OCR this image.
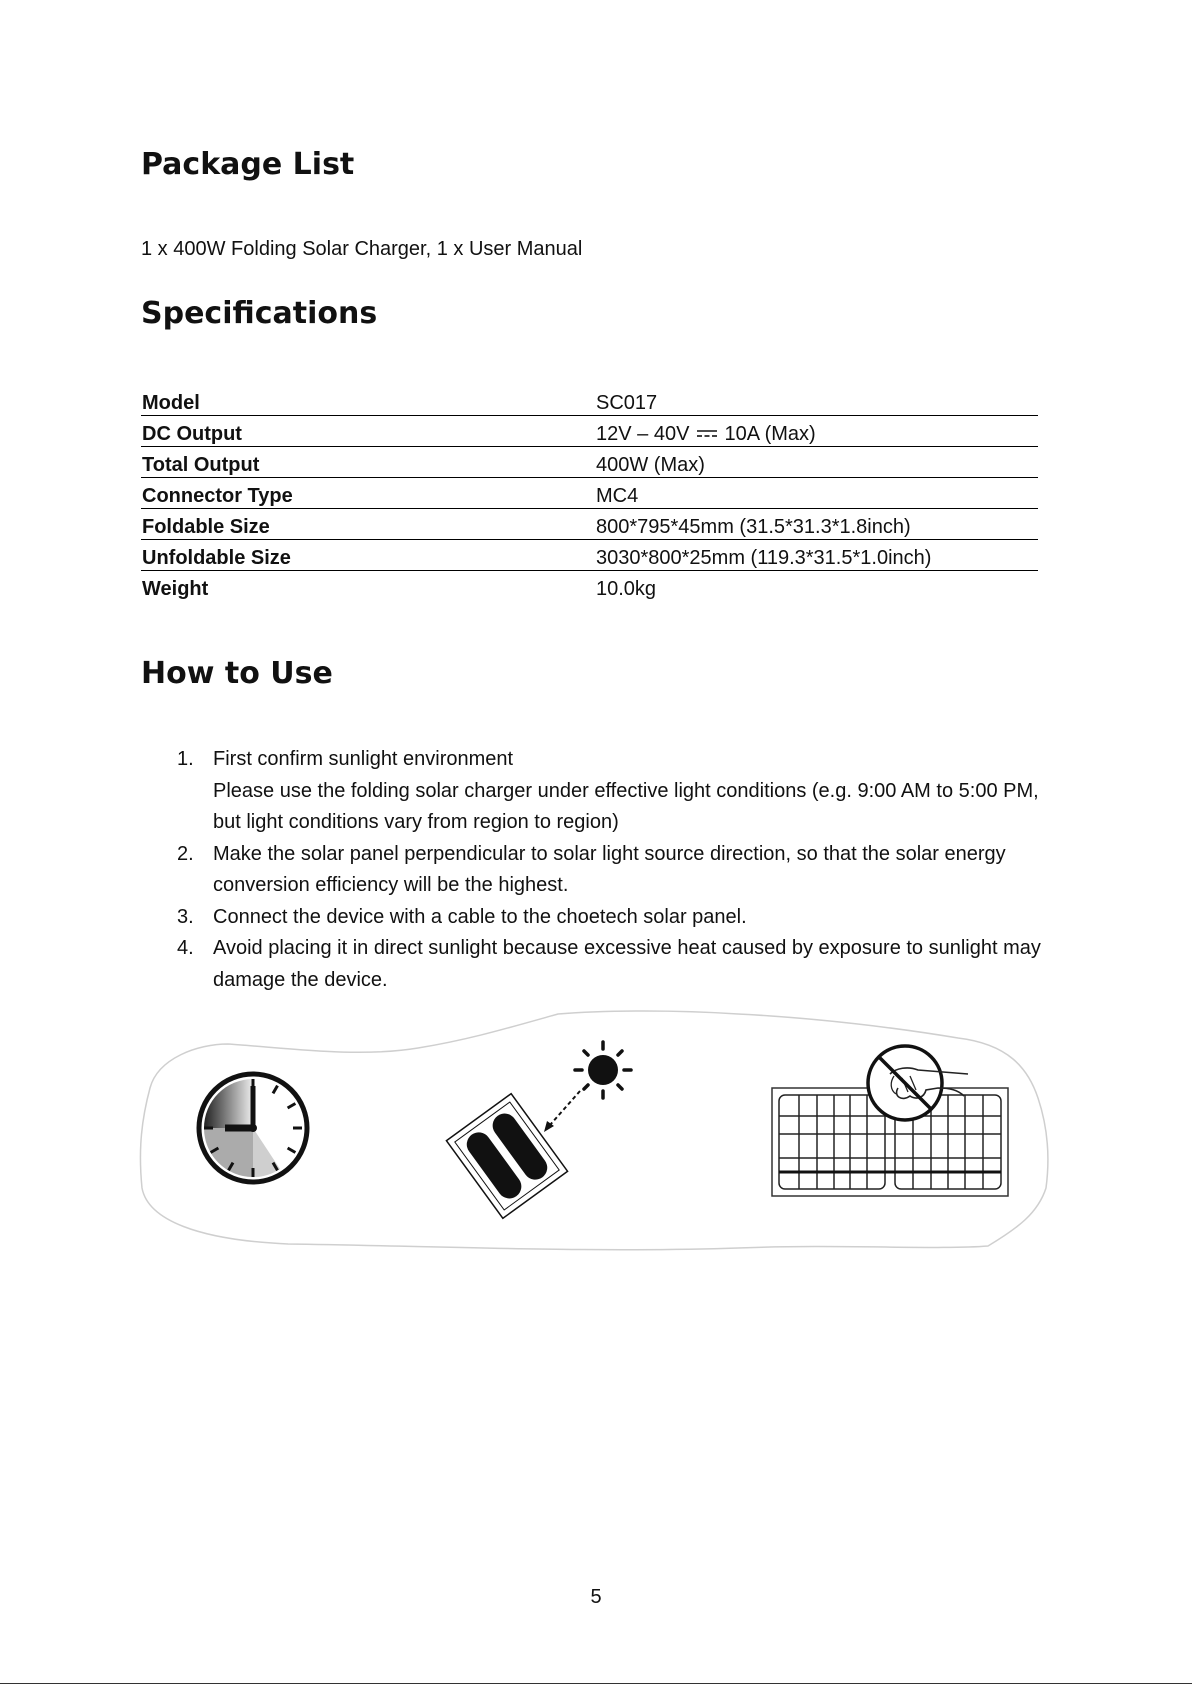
Package List

1 x 400W Folding Solar Charger, 1 x User Manual

Specifications
Model	SC017
DC Output	12V – 40V 10A (Max)
Total Output	400W (Max)
Connector Type	MC4
Foldable Size	800*795*45mm (31.5*31.3*1.8inch)
Unfoldable Size	3030*800*25mm (119.3*31.5*1.0inch)
Weight	10.0kg
How to Use
1. First confirm sunlight environment
Please use the folding solar charger under effective light conditions (e.g. 9:00 AM to 5:00 PM, but light conditions vary from region to region)
2. Make the solar panel perpendicular to solar light source direction, so that the solar energy conversion efficiency will be the highest.
3. Connect the device with a cable to the choetech solar panel.
4. Avoid placing it in direct sunlight because excessive heat caused by exposure to sunlight may damage the device.
5
